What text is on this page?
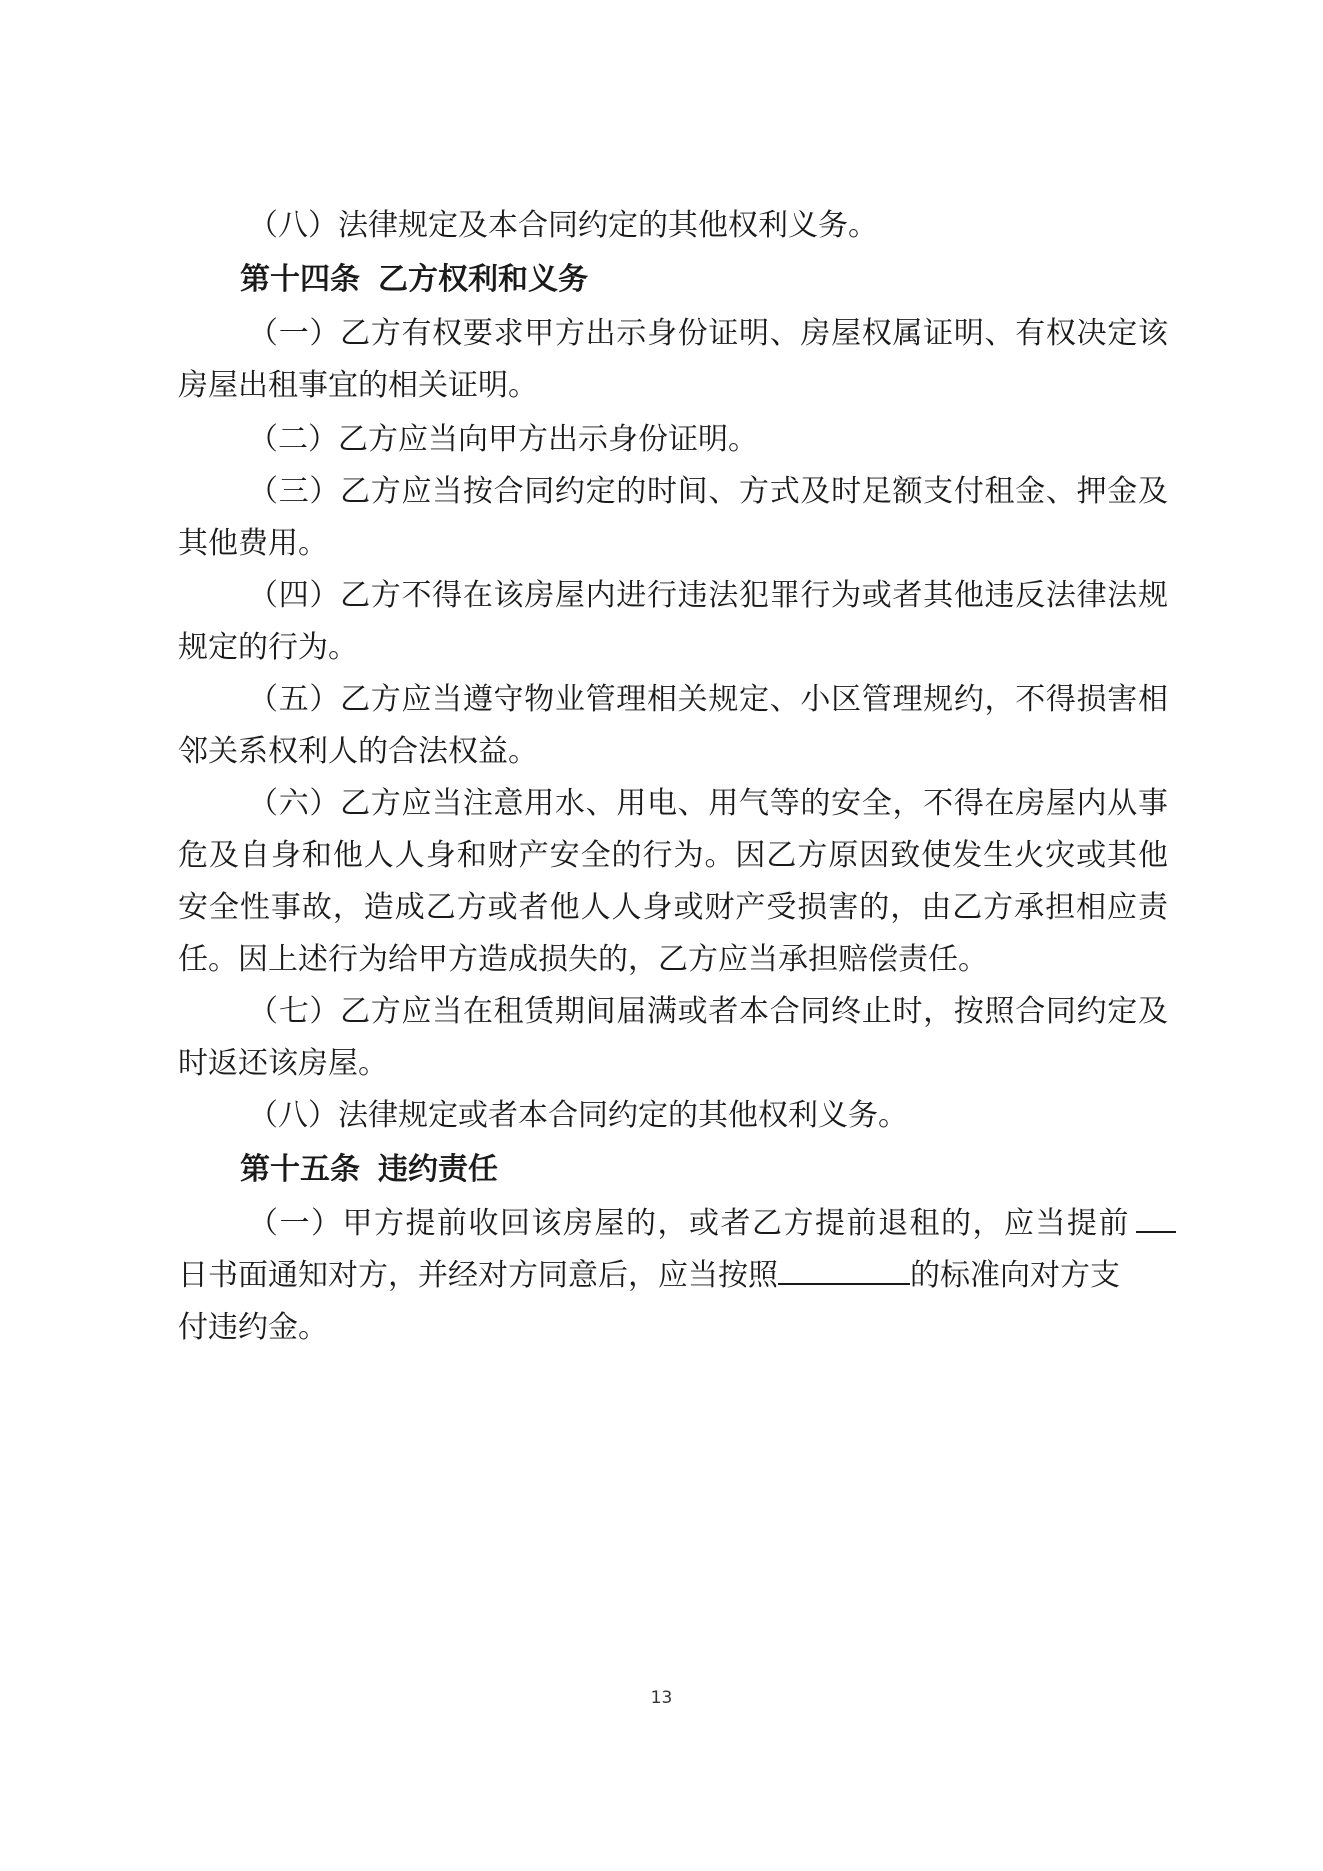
（八）法律规定及本合同约定的其他权利义务。
第十四条 乙方权利和义务
（一）乙方有权要求甲方出示身份证明、房屋权属证明、有权决定该
房屋出租事宜的相关证明。
（二）乙方应当向甲方出示身份证明。
（三）乙方应当按合同约定的时间、方式及时足额支付租金、押金及
其他费用。
（四）乙方不得在该房屋内进行违法犯罪行为或者其他违反法律法规
规定的行为。
（五）乙方应当遵守物业管理相关规定、小区管理规约，不得损害相
邻关系权利人的合法权益。
（六）乙方应当注意用水、用电、用气等的安全，不得在房屋内从事
危及自身和他人人身和财产安全的行为。因乙方原因致使发生火灾或其他
安全性事故，造成乙方或者他人人身或财产受损害的，由乙方承担相应责
任。因上述行为给甲方造成损失的，乙方应当承担赔偿责任。
（七）乙方应当在租赁期间届满或者本合同终止时，按照合同约定及
时返还该房屋。
（八）法律规定或者本合同约定的其他权利义务。
第十五条 违约责任
（一）甲方提前收回该房屋的，或者乙方提前退租的，应当提前
日书面通知对方，并经对方同意后，应当按照	的标准向对方支
付违约金。
13
